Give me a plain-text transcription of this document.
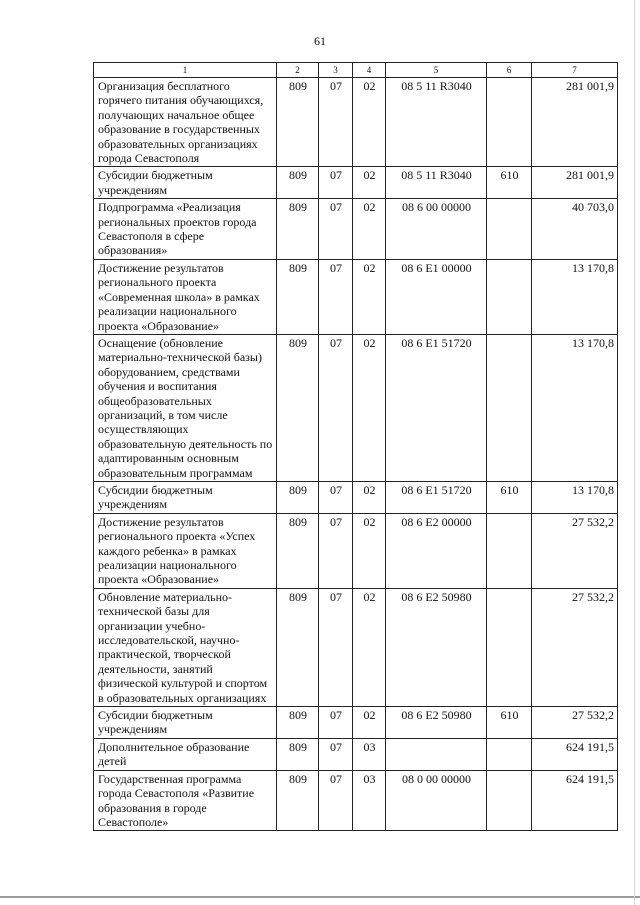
61
1	2	3	4	5	6	7
Организация бесплатного горячего питания обучающихся, получающих начальное общее образование в государственных образовательных организациях города Севастополя	809	07	02	08 5 11 R3040		281 001,9
Субсидии бюджетным учреждениям	809	07	02	08 5 11 R3040	610	281 001,9
Подпрограмма «Реализация региональных проектов города Севастополя в сфере образования»	809	07	02	08 6 00 00000		40 703,0
Достижение результатов регионального проекта «Современная школа» в рамках реализации национального проекта «Образование»	809	07	02	08 6 E1 00000		13 170,8
Оснащение (обновление материально-технической базы) оборудованием, средствами обучения и воспитания общеобразовательных организаций, в том числе осуществляющих образовательную деятельность по адаптированным основным образовательным программам	809	07	02	08 6 E1 51720		13 170,8
Субсидии бюджетным учреждениям	809	07	02	08 6 E1 51720	610	13 170,8
Достижение результатов регионального проекта «Успех каждого ребенка» в рамках реализации национального проекта «Образование»	809	07	02	08 6 E2 00000		27 532,2
Обновление материально-технической базы для организации учебно-исследовательской, научно-практической, творческой деятельности, занятий физической культурой и спортом в образовательных организациях	809	07	02	08 6 E2 50980		27 532,2
Субсидии бюджетным учреждениям	809	07	02	08 6 E2 50980	610	27 532,2
Дополнительное образование детей	809	07	03			624 191,5
Государственная программа города Севастополя «Развитие образования в городе Севастополе»	809	07	03	08 0 00 00000		624 191,5
